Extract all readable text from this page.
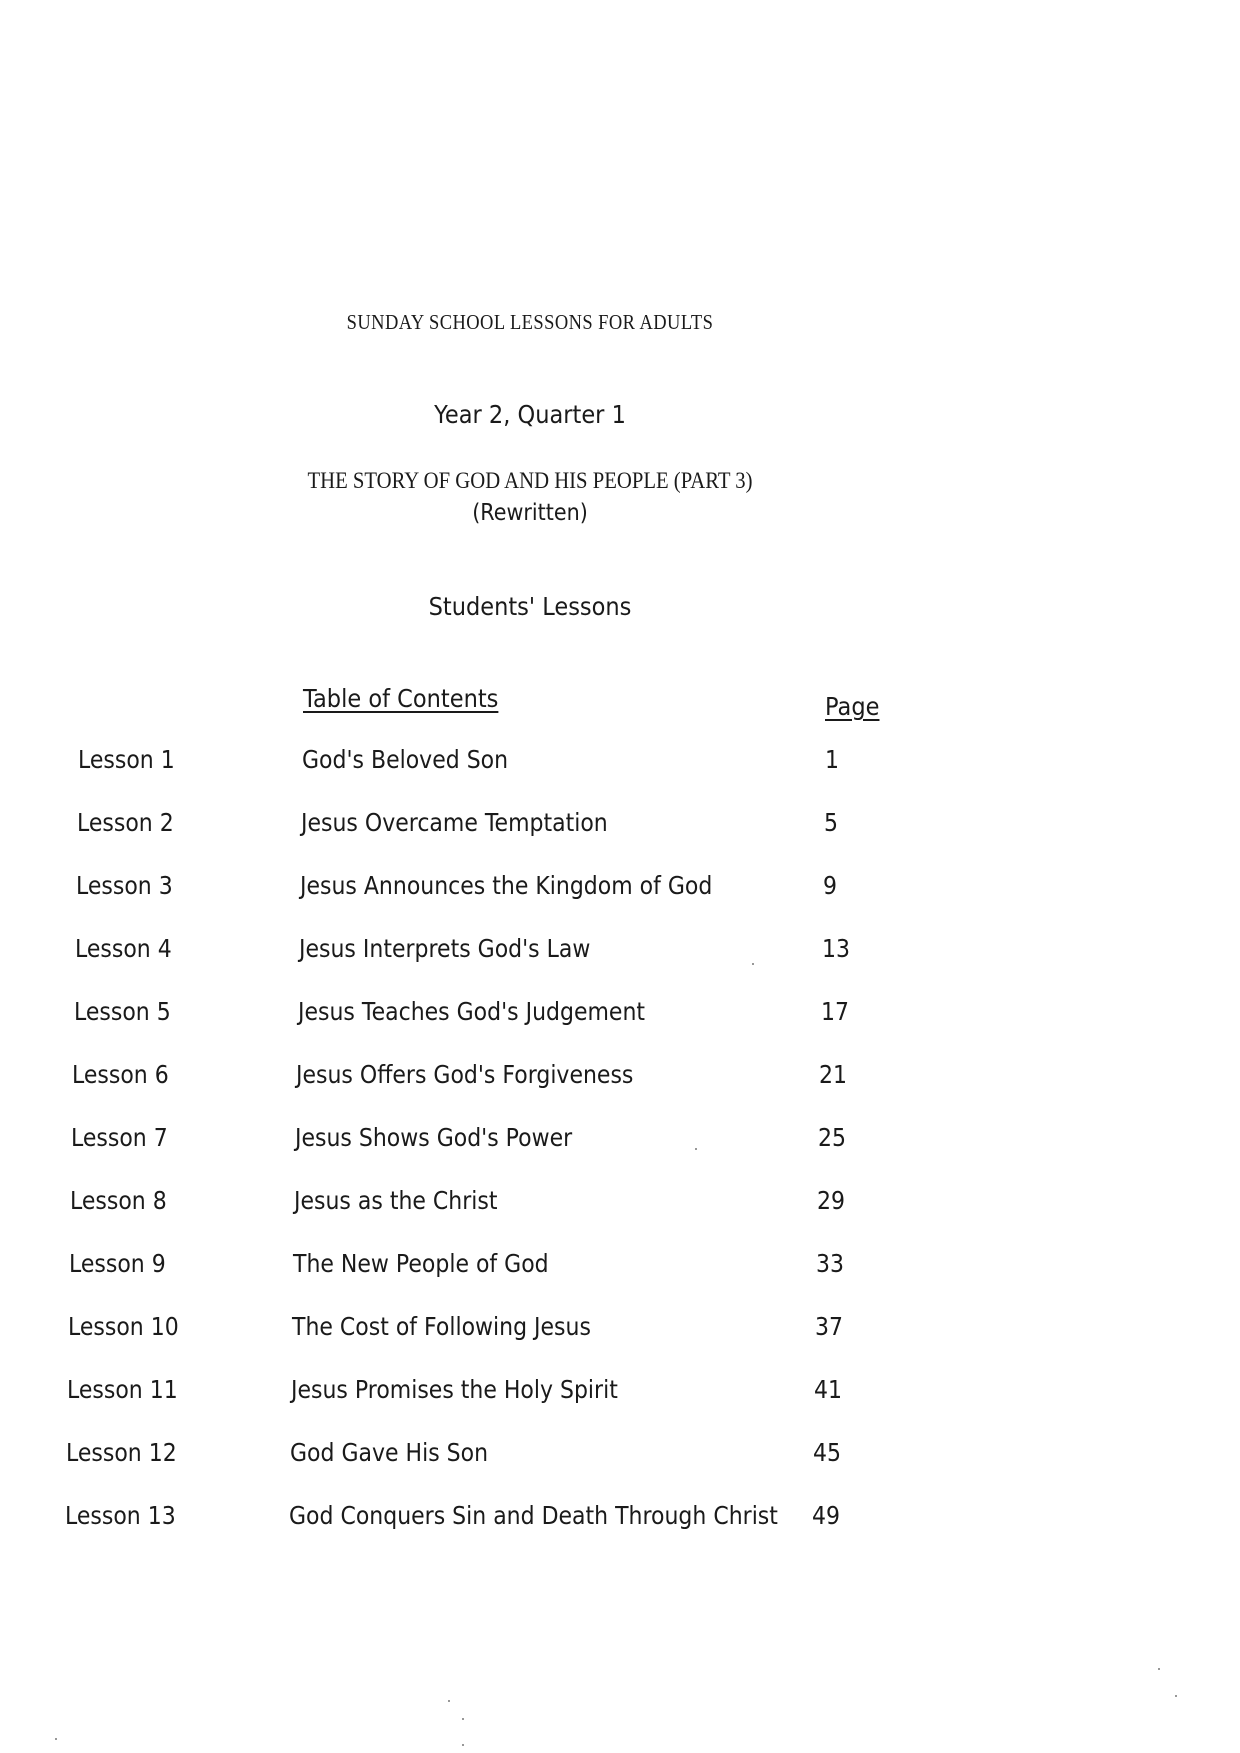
SUNDAY SCHOOL LESSONS FOR ADULTS
Year 2, Quarter 1
THE STORY OF GOD AND HIS PEOPLE (PART 3)
(Rewritten)
Students' Lessons
Table of Contents	Page
Lesson 1	God's Beloved Son	1
Lesson 2	Jesus Overcame Temptation	5
Lesson 3	Jesus Announces the Kingdom of God	9
Lesson 4	Jesus Interprets God's Law	13
Lesson 5	Jesus Teaches God's Judgement	17
Lesson 6	Jesus Offers God's Forgiveness	21
Lesson 7	Jesus Shows God's Power	25
Lesson 8	Jesus as the Christ	29
Lesson 9	The New People of God	33
Lesson 10	The Cost of Following Jesus	37
Lesson 11	Jesus Promises the Holy Spirit	41
Lesson 12	God Gave His Son	45
Lesson 13	God Conquers Sin and Death Through Christ 49
